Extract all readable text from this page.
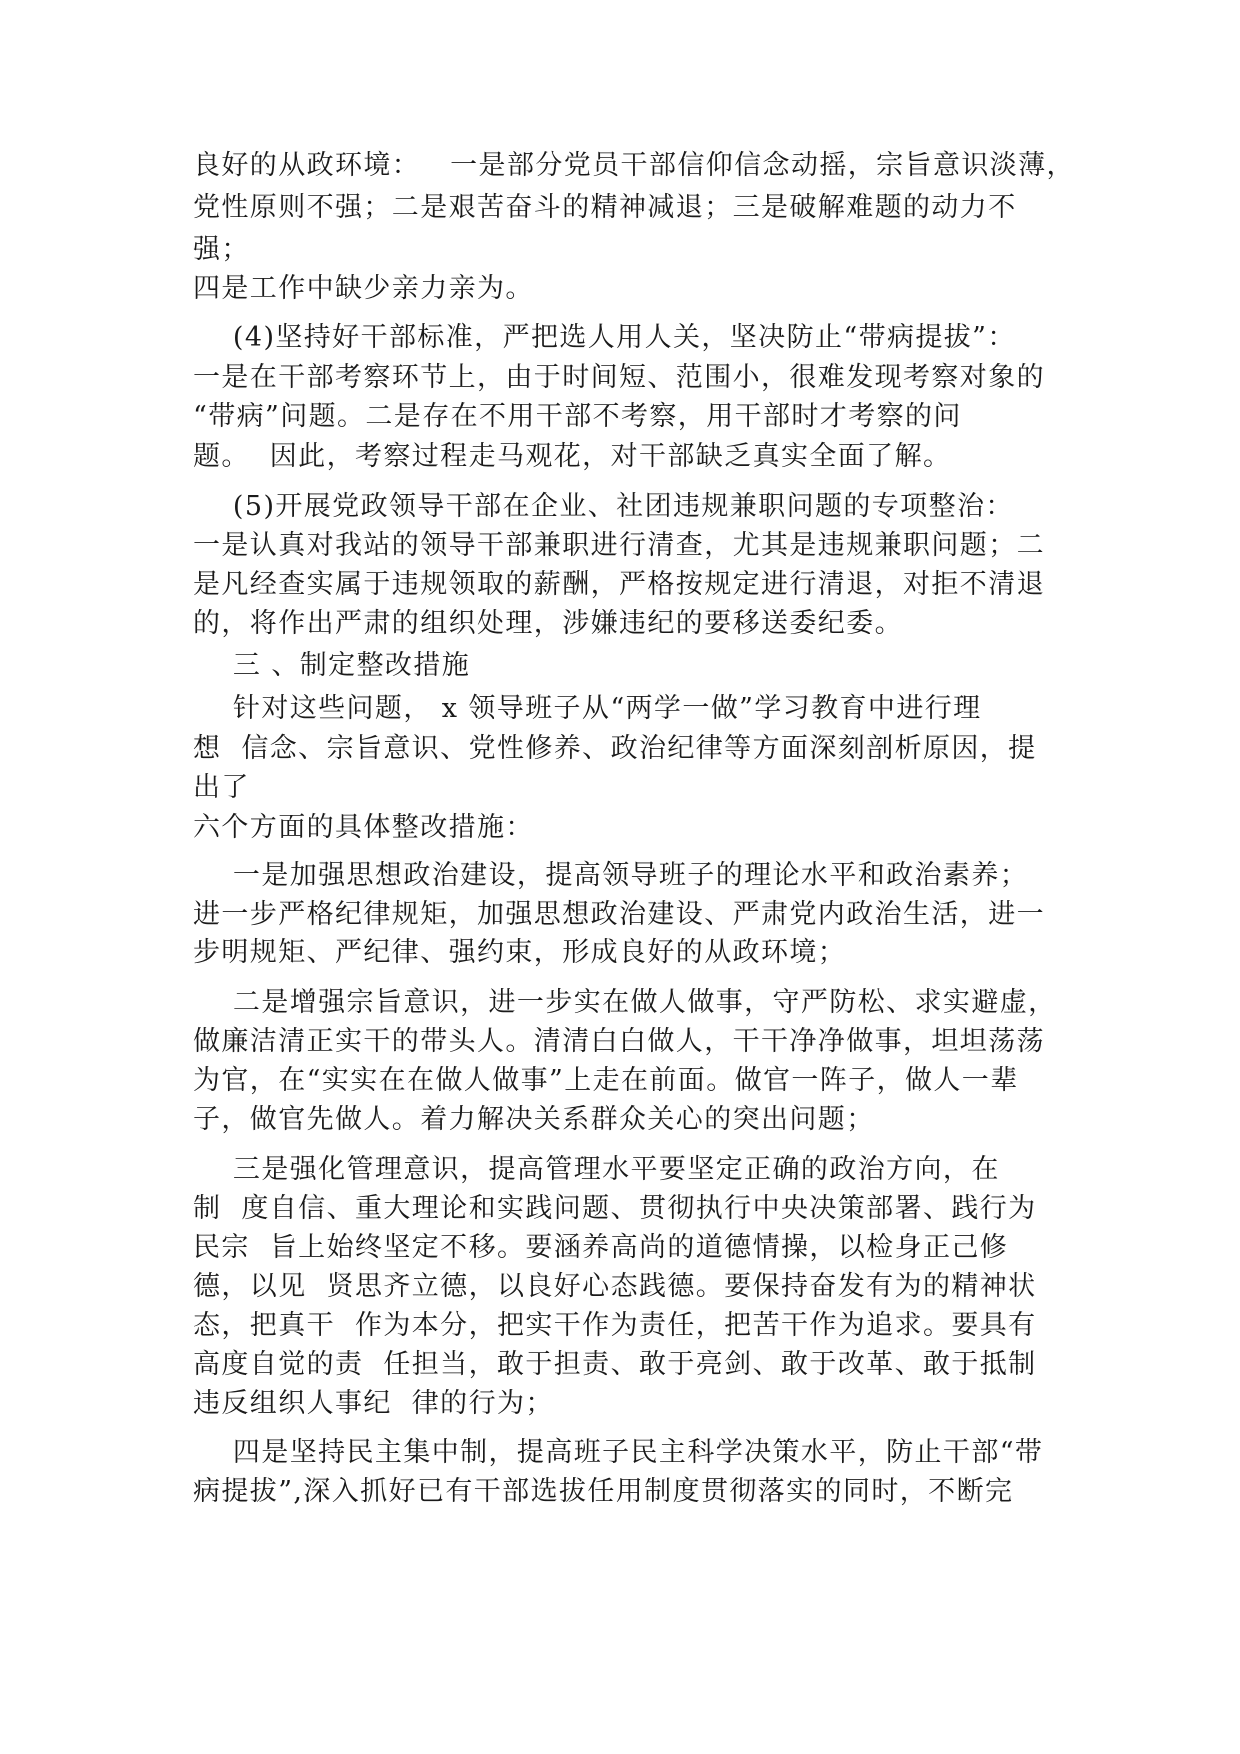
良好的从政环境：   一是部分党员干部信仰信念动摇，宗旨意识淡薄，
党性原则不强；二是艰苦奋斗的精神减退；三是破解难题的动力不
强；
四是工作中缺少亲力亲为。
(4)坚持好干部标准，严把选人用人关，坚决防止“带病提拔”：
一是在干部考察环节上，由于时间短、范围小，很难发现考察对象的
“带病”问题。二是存在不用干部不考察，用干部时才考察的问
题。  因此，考察过程走马观花，对干部缺乏真实全面了解。
(5)开展党政领导干部在企业、社团违规兼职问题的专项整治：
一是认真对我站的领导干部兼职进行清查，尤其是违规兼职问题；二
是凡经查实属于违规领取的薪酬，严格按规定进行清退，对拒不清退
的，将作出严肃的组织处理，涉嫌违纪的要移送委纪委。
三 、制定整改措施
针对这些问题， x 领导班子从“两学一做”学习教育中进行理
想  信念、宗旨意识、党性修养、政治纪律等方面深刻剖析原因，提
出了
六个方面的具体整改措施：
一是加强思想政治建设，提高领导班子的理论水平和政治素养；
进一步严格纪律规矩，加强思想政治建设、严肃党内政治生活，进一
步明规矩、严纪律、强约束，形成良好的从政环境；
二是增强宗旨意识，进一步实在做人做事，守严防松、求实避虚，
做廉洁清正实干的带头人。清清白白做人，干干净净做事，坦坦荡荡
为官，在“实实在在做人做事”上走在前面。做官一阵子，做人一辈
子，做官先做人。着力解决关系群众关心的突出问题；
三是强化管理意识，提高管理水平要坚定正确的政治方向，在
制  度自信、重大理论和实践问题、贯彻执行中央决策部署、践行为
民宗  旨上始终坚定不移。要涵养高尚的道德情操，以检身正己修
德，以见  贤思齐立德，以良好心态践德。要保持奋发有为的精神状
态，把真干  作为本分，把实干作为责任，把苦干作为追求。要具有
高度自觉的责  任担当，敢于担责、敢于亮剑、敢于改革、敢于抵制
违反组织人事纪  律的行为；
四是坚持民主集中制，提高班子民主科学决策水平，防止干部“带
病提拔”,深入抓好已有干部选拔任用制度贯彻落实的同时，不断完
